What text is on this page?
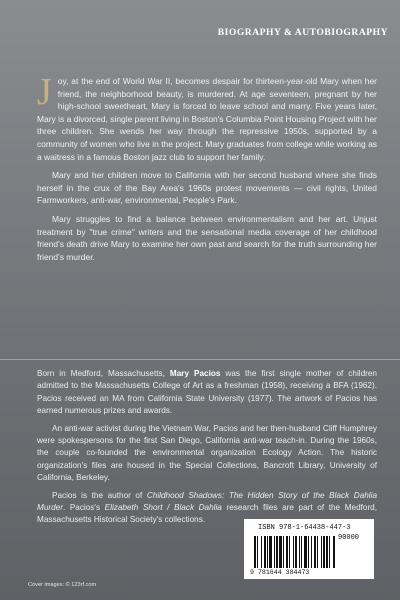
BIOGRAPHY & AUTOBIOGRAPHY

Joy, at the end of World War II, becomes despair for thirteen-year-old Mary when her friend, the neighborhood beauty, is murdered. At age seventeen, pregnant by her high-school sweetheart, Mary is forced to leave school and marry. Five years later, Mary is a divorced, single parent living in Boston's Columbia Point Housing Project with her three children. She wends her way through the repressive 1950s, supported by a community of women who live in the project. Mary graduates from college while working as a waitress in a famous Boston jazz club to support her family.

Mary and her children move to California with her second husband where she finds herself in the crux of the Bay Area's 1960s protest movements — civil rights, United Farmworkers, anti-war, environmental, People's Park.

Mary struggles to find a balance between environmentalism and her art. Unjust treatment by "true crime" writers and the sensational media coverage of her childhood friend's death drive Mary to examine her own past and search for the truth surrounding her friend's murder.

Born in Medford, Massachusetts, Mary Pacios was the first single mother of children admitted to the Massachusetts College of Art as a freshman (1958), receiving a BFA (1962). Pacios received an MA from California State University (1977). The artwork of Pacios has earned numerous prizes and awards.

An anti-war activist during the Vietnam War, Pacios and her then-husband Cliff Humphrey were spokespersons for the first San Diego, California anti-war teach-in. During the 1960s, the couple co-founded the environmental organization Ecology Action. The historic organization's files are housed in the Special Collections, Bancroft Library, University of California, Berkeley.

Pacios is the author of Childhood Shadows: The Hidden Story of the Black Dahlia Murder. Pacios's Elizabeth Short / Black Dahlia research files are part of the Medford, Massachusetts Historical Society's collections.

ISBN 978-1-64438-447-3
90000
9 781644 384473
Cover images: © 123rf.com
